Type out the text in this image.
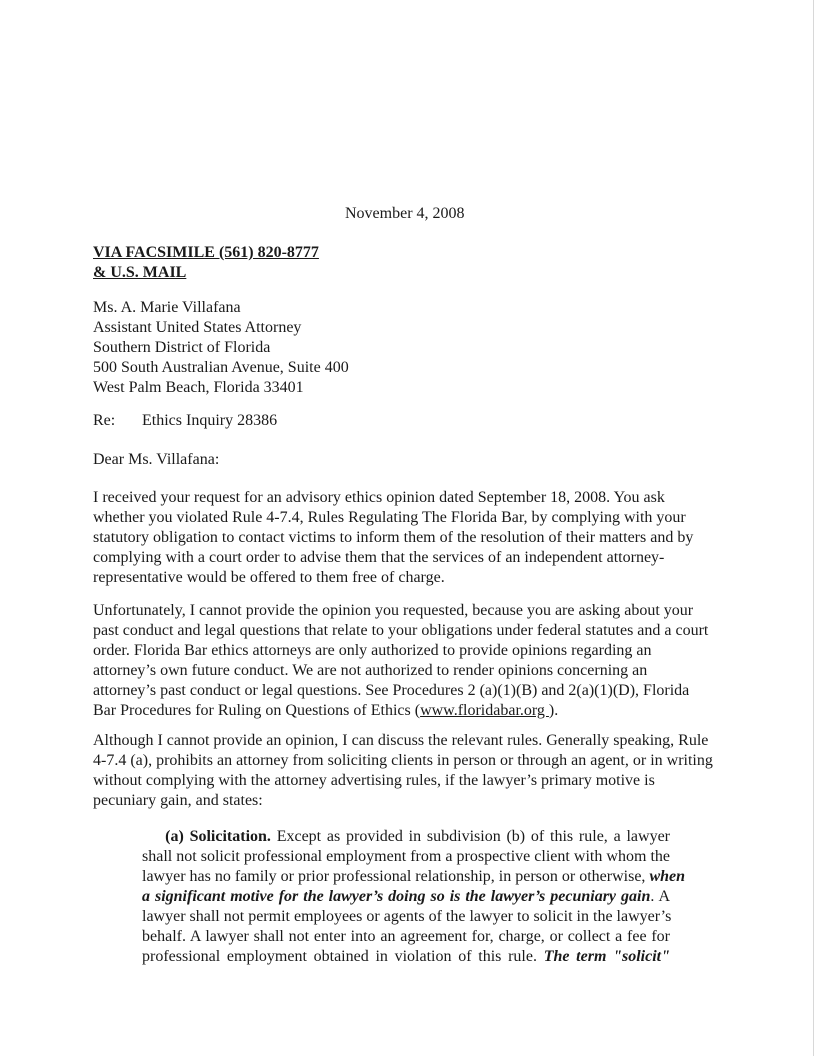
November 4, 2008
VIA FACSIMILE (561) 820-8777
& U.S. MAIL
Ms. A. Marie Villafana
Assistant United States Attorney
Southern District of Florida
500 South Australian Avenue, Suite 400
West Palm Beach, Florida 33401
Re: Ethics Inquiry 28386
Dear Ms. Villafana:
I received your request for an advisory ethics opinion dated September 18, 2008. You ask
whether you violated Rule 4-7.4, Rules Regulating The Florida Bar, by complying with your
statutory obligation to contact victims to inform them of the resolution of their matters and by
complying with a court order to advise them that the services of an independent attorney-
representative would be offered to them free of charge.
Unfortunately, I cannot provide the opinion you requested, because you are asking about your
past conduct and legal questions that relate to your obligations under federal statutes and a court
order. Florida Bar ethics attorneys are only authorized to provide opinions regarding an
attorney’s own future conduct. We are not authorized to render opinions concerning an
attorney’s past conduct or legal questions. See Procedures 2 (a)(1)(B) and 2(a)(1)(D), Florida
Bar Procedures for Ruling on Questions of Ethics (www.floridabar.org ).
Although I cannot provide an opinion, I can discuss the relevant rules. Generally speaking, Rule
4-7.4 (a), prohibits an attorney from soliciting clients in person or through an agent, or in writing
without complying with the attorney advertising rules, if the lawyer’s primary motive is
pecuniary gain, and states:
(a) Solicitation. Except as provided in subdivision (b) of this rule, a lawyer
shall not solicit professional employment from a prospective client with whom the
lawyer has no family or prior professional relationship, in person or otherwise, when
a significant motive for the lawyer’s doing so is the lawyer’s pecuniary gain. A
lawyer shall not permit employees or agents of the lawyer to solicit in the lawyer’s
behalf. A lawyer shall not enter into an agreement for, charge, or collect a fee for
professional employment obtained in violation of this rule. The term "solicit"
